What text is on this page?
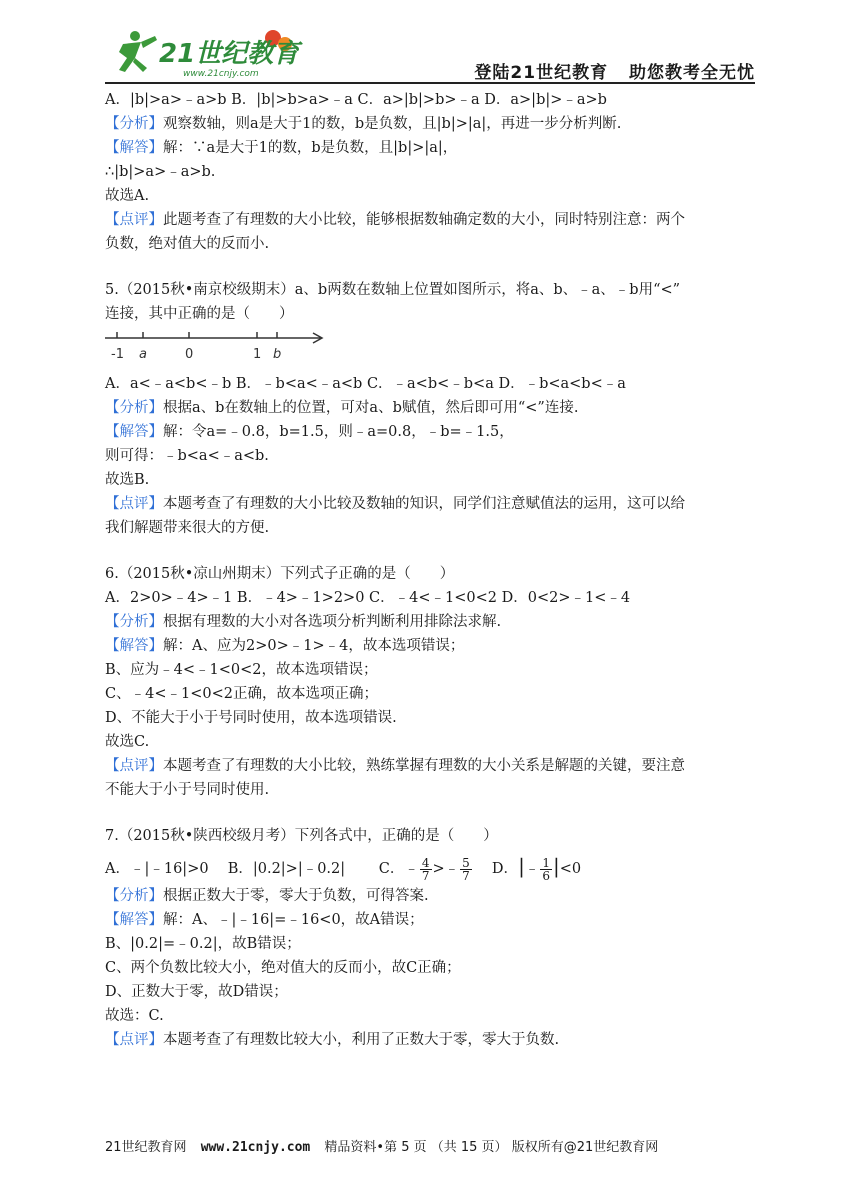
21世纪教育
www.21cnjy.com	登陆21世纪教育 助您教考全无忧

A．|b|>a>﹣a>b B．|b|>b>a>﹣a C．a>|b|>b>﹣a D．a>|b|>﹣a>b

【分析】观察数轴，则a是大于1的数，b是负数，且|b|>|a|，再进一步分析判断.

【解答】解：∵a是大于1的数，b是负数，且|b|>|a|，

∴|b|>a>﹣a>b.

故选A.

【点评】此题考查了有理数的大小比较，能够根据数轴确定数的大小，同时特别注意：两个

负数，绝对值大的反而小.

5.（2015秋•南京校级期末）a、b两数在数轴上位置如图所示，将a、b、﹣a、﹣b用“<”

连接，其中正确的是（　　）

-1 a	0	1 b

A．a<﹣a<b<﹣b B．﹣b<a<﹣a<b C．﹣a<b<﹣b<a D．﹣b<a<b<﹣a

【分析】根据a、b在数轴上的位置，可对a、b赋值，然后即可用“<”连接.

【解答】解：令a=﹣0.8，b=1.5，则﹣a=0.8，﹣b=﹣1.5，

则可得：﹣b<a<﹣a<b.

故选B.

【点评】本题考查了有理数的大小比较及数轴的知识，同学们注意赋值法的运用，这可以给

我们解题带来很大的方便.

6.（2015秋•凉山州期末）下列式子正确的是（　　）

A．2>0>﹣4>﹣1 B．﹣4>﹣1>2>0 C．﹣4<﹣1<0<2 D．0<2>﹣1<﹣4

【分析】根据有理数的大小对各选项分析判断利用排除法求解.

【解答】解：A、应为2>0>﹣1>﹣4，故本选项错误；

B、应为﹣4<﹣1<0<2，故本选项错误；

C、﹣4<﹣1<0<2正确，故本选项正确；

D、不能大于小于号同时使用，故本选项错误.

故选C.

【点评】本题考查了有理数的大小比较，熟练掌握有理数的大小关系是解题的关键，要注意

不能大于小于号同时使用.

7.（2015秋•陕西校级月考）下列各式中，正确的是（　　）

A．﹣|﹣16|>0  B．|0.2|>|﹣0.2|   C．﹣ $\frac{4}{7}$ >﹣ $\frac{5}{7}$
  D．|﹣ $\frac{1}{6} |<0$

【分析】根据正数大于零，零大于负数，可得答案.

【解答】解：A、﹣|﹣16|=﹣16<0，故A错误；

B、|0.2|=﹣0.2|，故B错误；

C、两个负数比较大小，绝对值大的反而小，故C正确；

D、正数大于零，故D错误；

故选：C.

【点评】本题考查了有理数比较大小，利用了正数大于零，零大于负数.

21世纪教育网 www.21cnjy.com 精品资料•第 5 页 （共 15 页） 版权所有@21世纪教育网
